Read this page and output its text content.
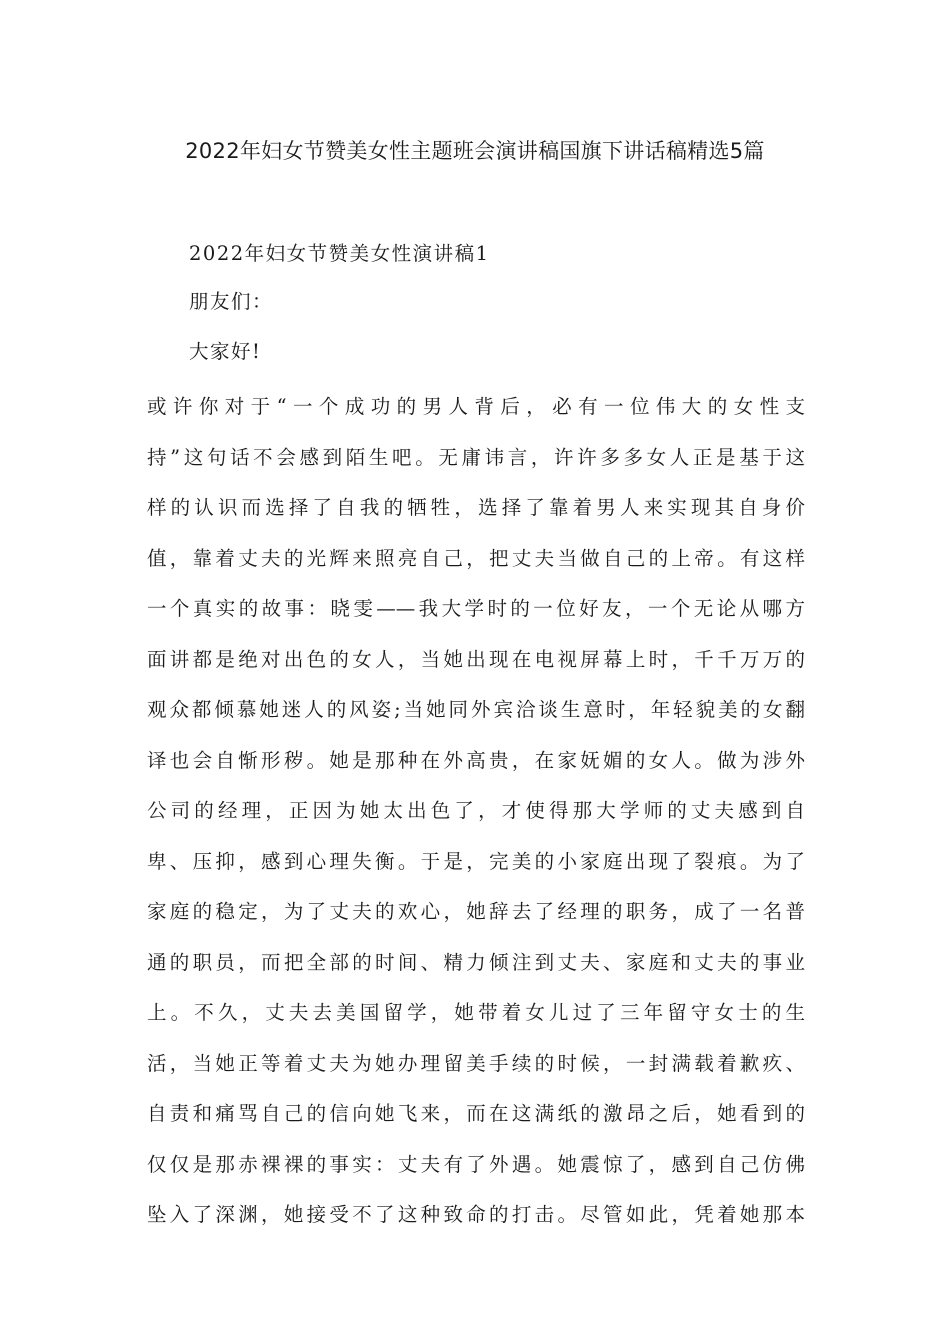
2022年妇女节赞美女性主题班会演讲稿国旗下讲话稿精选5篇

2022年妇女节赞美女性演讲稿1

朋友们：

大家好!

或许你对于“一个成功的男人背后，必有一位伟大的女性支
持”这句话不会感到陌生吧。无庸讳言，许许多多女人正是基于这
样的认识而选择了自我的牺牲，选择了靠着男人来实现其自身价
值，靠着丈夫的光辉来照亮自己，把丈夫当做自己的上帝。有这样
一个真实的故事：晓雯——我大学时的一位好友，一个无论从哪方
面讲都是绝对出色的女人，当她出现在电视屏幕上时，千千万万的
观众都倾慕她迷人的风姿;当她同外宾洽谈生意时，年轻貌美的女翻
译也会自惭形秽。她是那种在外高贵，在家妩媚的女人。做为涉外
公司的经理，正因为她太出色了，才使得那大学师的丈夫感到自
卑、压抑，感到心理失衡。于是，完美的小家庭出现了裂痕。为了
家庭的稳定，为了丈夫的欢心，她辞去了经理的职务，成了一名普
通的职员，而把全部的时间、精力倾注到丈夫、家庭和丈夫的事业
上。不久，丈夫去美国留学，她带着女儿过了三年留守女士的生
活，当她正等着丈夫为她办理留美手续的时候，一封满载着歉疚、
自责和痛骂自己的信向她飞来，而在这满纸的激昂之后，她看到的
仅仅是那赤裸裸的事实：丈夫有了外遇。她震惊了，感到自己仿佛
坠入了深渊，她接受不了这种致命的打击。尽管如此，凭着她那本
